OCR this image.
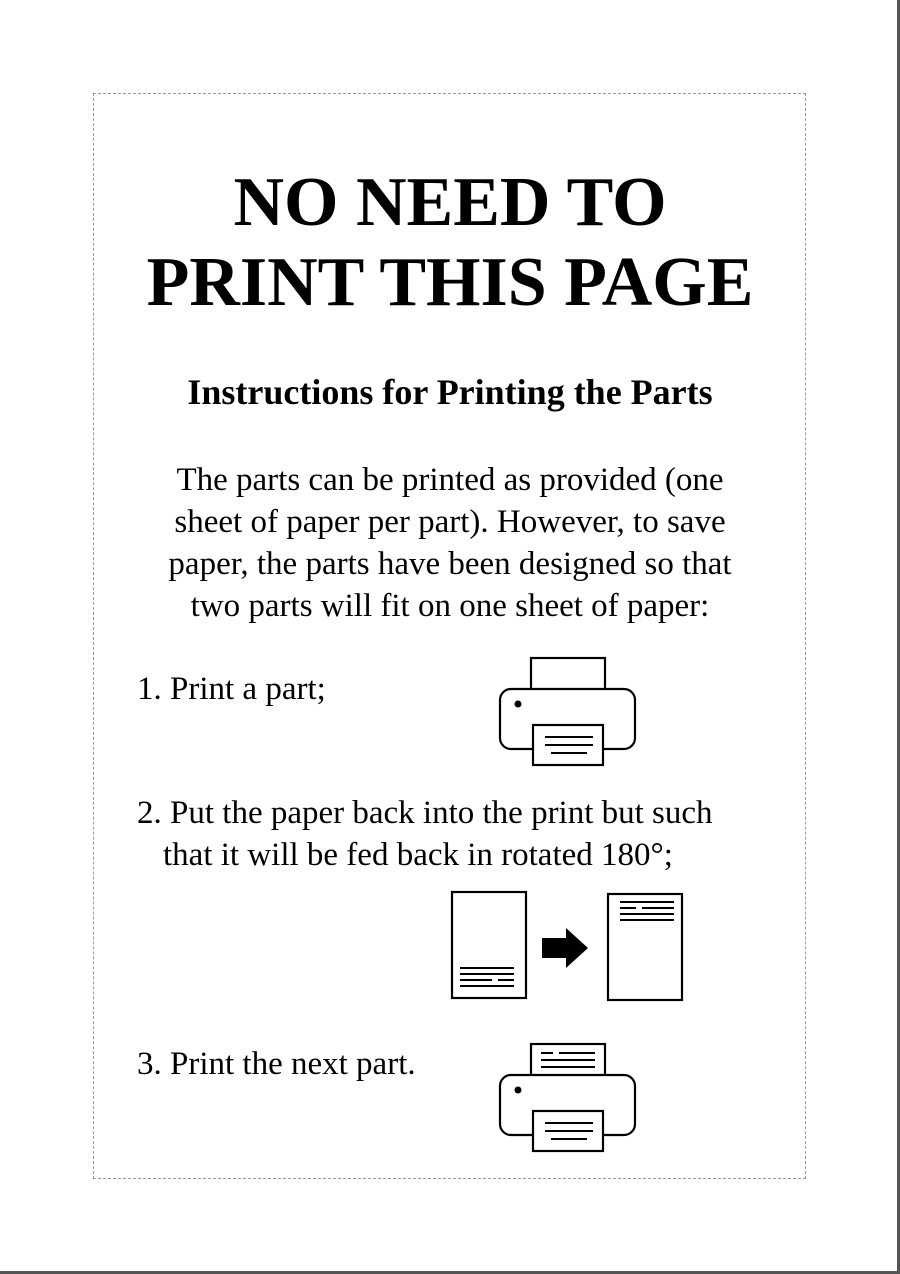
NO NEED TO
PRINT THIS PAGE
Instructions for Printing the Parts

The parts can be printed as provided (one
sheet of paper per part). However, to save
paper, the parts have been designed so that
two parts will fit on one sheet of paper:

1. Print a part;

2. Put the paper back into the print but such
that it will be fed back in rotated 180°;

3. Print the next part.
